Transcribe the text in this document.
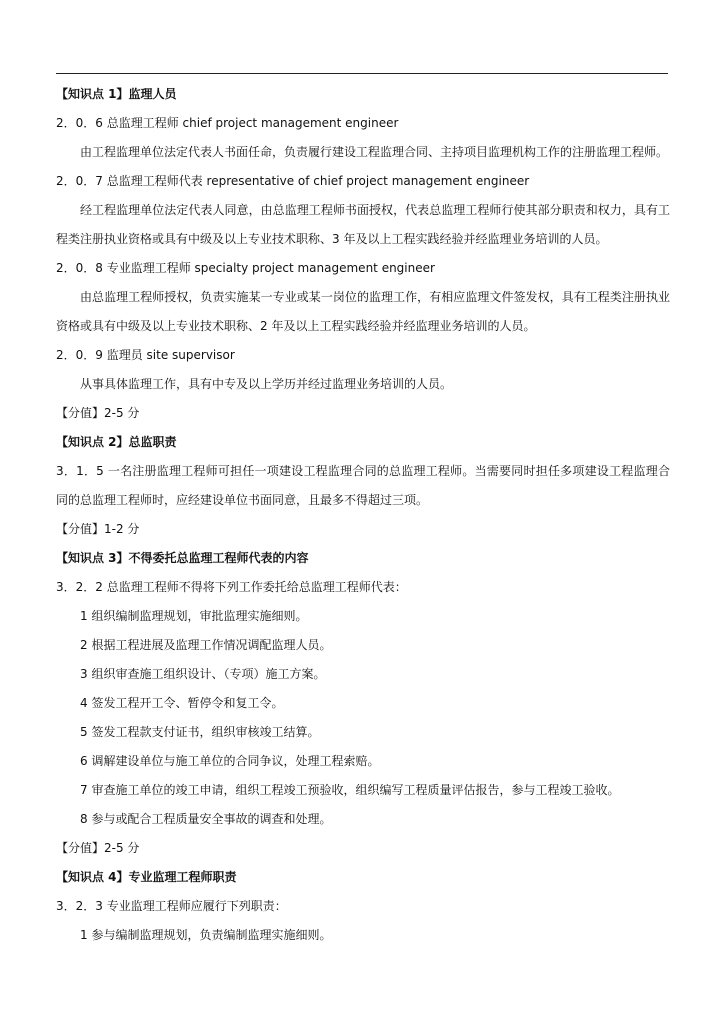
【知识点 1】监理人员

2．0．6 总监理工程师 chief project management engineer

由工程监理单位法定代表人书面任命，负责履行建设工程监理合同、主持项目监理机构工作的注册监理工程师。

2．0．7 总监理工程师代表 representative of chief project management engineer

经工程监理单位法定代表人同意，由总监理工程师书面授权，代表总监理工程师行使其部分职责和权力，具有工程类注册执业资格或具有中级及以上专业技术职称、3 年及以上工程实践经验并经监理业务培训的人员。

2．0．8 专业监理工程师 specialty project management engineer

由总监理工程师授权，负责实施某一专业或某一岗位的监理工作，有相应监理文件签发权，具有工程类注册执业资格或具有中级及以上专业技术职称、2 年及以上工程实践经验并经监理业务培训的人员。

2．0．9 监理员 site supervisor

从事具体监理工作，具有中专及以上学历并经过监理业务培训的人员。

【分值】2-5 分

【知识点 2】总监职责

3．1．5 一名注册监理工程师可担任一项建设工程监理合同的总监理工程师。当需要同时担任多项建设工程监理合同的总监理工程师时，应经建设单位书面同意，且最多不得超过三项。

【分值】1-2 分

【知识点 3】不得委托总监理工程师代表的内容

3．2．2 总监理工程师不得将下列工作委托给总监理工程师代表：

1 组织编制监理规划，审批监理实施细则。

2 根据工程进展及监理工作情况调配监理人员。

3 组织审查施工组织设计、（专项）施工方案。

4 签发工程开工令、暂停令和复工令。

5 签发工程款支付证书，组织审核竣工结算。

6 调解建设单位与施工单位的合同争议，处理工程索赔。

7 审查施工单位的竣工申请，组织工程竣工预验收，组织编写工程质量评估报告，参与工程竣工验收。

8 参与或配合工程质量安全事故的调查和处理。

【分值】2-5 分

【知识点 4】专业监理工程师职责

3．2．3 专业监理工程师应履行下列职责：

1 参与编制监理规划，负责编制监理实施细则。
